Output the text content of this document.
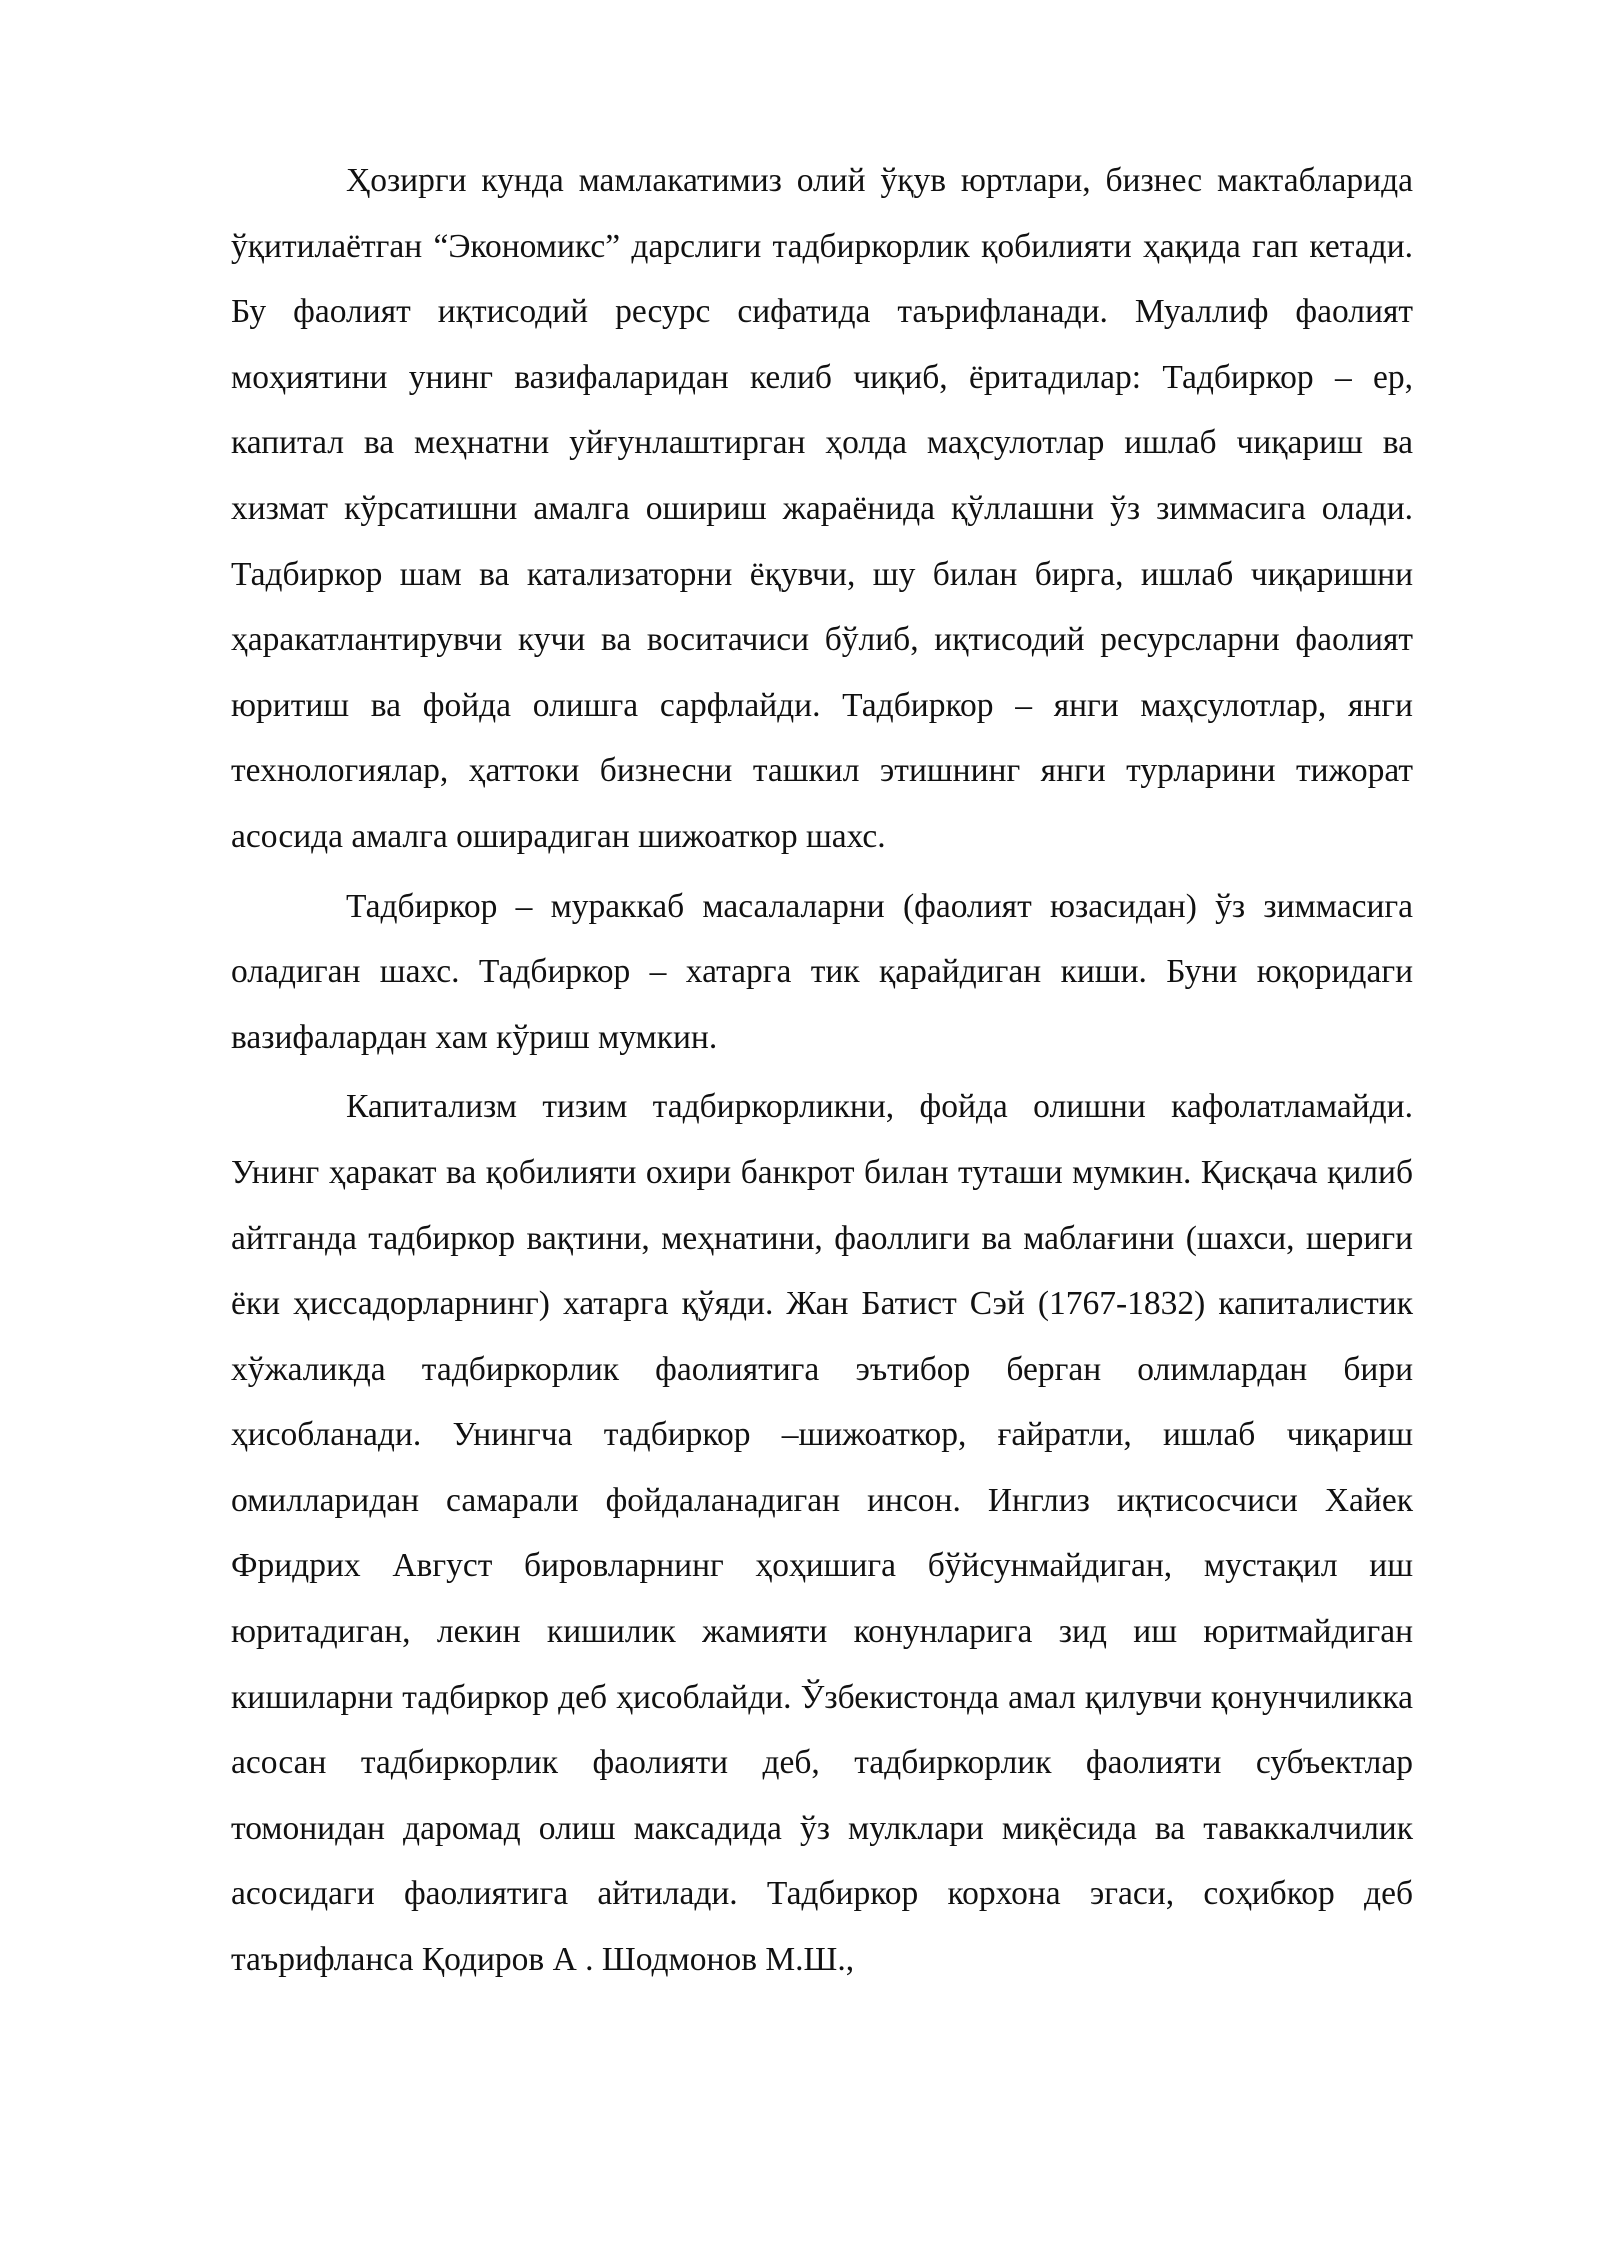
Ҳозирги кунда мамлакатимиз олий ўқув юртлари, бизнес мактабларида ўқитилаётган “Экономикс” дарслиги тадбиркорлик қобилияти ҳақида гап кетади. Бу фаолият иқтисодий ресурс сифатида таърифланади. Муаллиф фаолият моҳиятини унинг вазифаларидан келиб чиқиб, ёритадилар: Тадбиркор – ер, капитал ва меҳнатни уйғунлаштирган ҳолда маҳсулотлар ишлаб чиқариш ва хизмат кўрсатишни амалга ошириш жараёнида қўллашни ўз зиммасига олади. Тадбиркор шам ва катализаторни ёқувчи, шу билан бирга, ишлаб чиқаришни ҳаракатлантирувчи кучи ва воситачиси бўлиб, иқтисодий ресурсларни фаолият юритиш ва фойда олишга сарфлайди. Тадбиркор – янги маҳсулотлар, янги технологиялар, ҳаттоки бизнесни ташкил этишнинг янги турларини тижорат асосида амалга оширадиган шижоаткор шахс.

Тадбиркор – мураккаб масалаларни (фаолият юзасидан) ўз зиммасига оладиган шахс. Тадбиркор – хатарга тик қарайдиган киши. Буни юқоридаги вазифалардан хам кўриш мумкин.

Капитализм тизим тадбиркорликни, фойда олишни кафолатламайди. Унинг ҳаракат ва қобилияти охири банкрот билан туташи мумкин. Қисқача қилиб айтганда тадбиркор вақтини, меҳнатини, фаоллиги ва маблағини (шахси, шериги ёки ҳиссадорларнинг) хатарга қўяди. Жан Батист Сэй (1767-1832) капиталистик хўжаликда тадбиркорлик фаолиятига эътибор берган олимлардан бири ҳисобланади. Унингча тадбиркор –шижоаткор, ғайратли, ишлаб чиқариш омилларидан самарали фойдаланадиган инсон. Инглиз иқтисосчиси Хайек Фридрих Август бировларнинг ҳоҳишига бўйсунмайдиган, мустақил иш юритадиган, лекин кишилик жамияти конунларига зид иш юритмайдиган кишиларни тадбиркор деб ҳисоблайди. Ўзбекистонда амал қилувчи қонунчиликка асосан тадбиркорлик фаолияти деб, тадбиркорлик фаолияти субъектлар томонидан даромад олиш максадида ўз мулклари миқёсида ва таваккалчилик асосидаги фаолиятига айтилади. Тадбиркор корхона эгаси, соҳибкор деб таърифланса Қодиров А . Шодмонов М.Ш.,
